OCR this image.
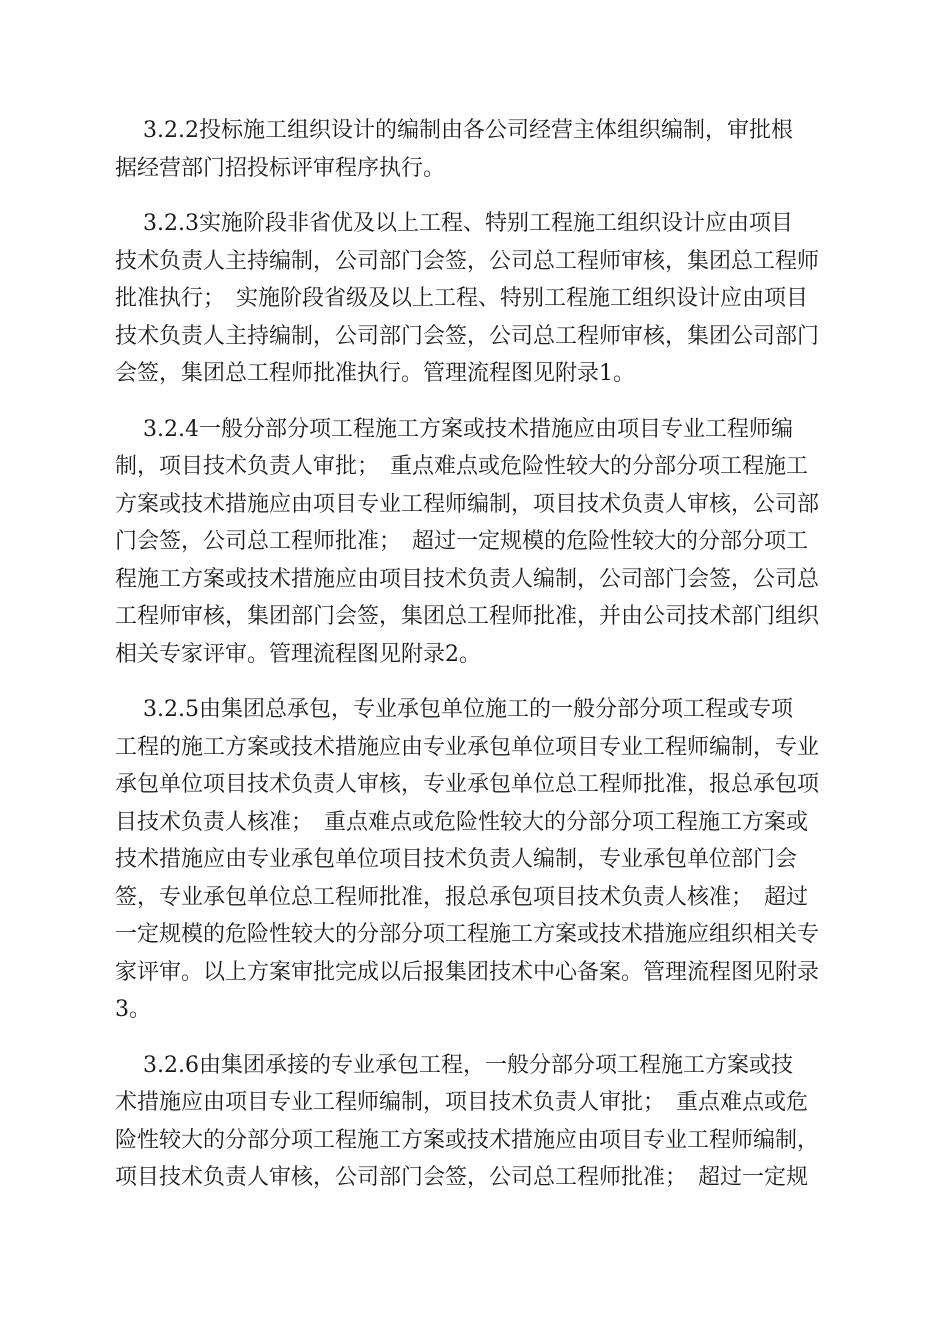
3.2.2投标施工组织设计的编制由各公司经营主体组织编制，审批根
据经营部门招投标评审程序执行。

3.2.3实施阶段非省优及以上工程、特别工程施工组织设计应由项目
技术负责人主持编制，公司部门会签，公司总工程师审核，集团总工程师
批准执行；　实施阶段省级及以上工程、特别工程施工组织设计应由项目
技术负责人主持编制，公司部门会签，公司总工程师审核，集团公司部门
会签，集团总工程师批准执行。管理流程图见附录1。

3.2.4一般分部分项工程施工方案或技术措施应由项目专业工程师编
制，项目技术负责人审批；　重点难点或危险性较大的分部分项工程施工
方案或技术措施应由项目专业工程师编制，项目技术负责人审核，公司部
门会签，公司总工程师批准；　超过一定规模的危险性较大的分部分项工
程施工方案或技术措施应由项目技术负责人编制，公司部门会签，公司总
工程师审核，集团部门会签，集团总工程师批准，并由公司技术部门组织
相关专家评审。管理流程图见附录2。

3.2.5由集团总承包，专业承包单位施工的一般分部分项工程或专项
工程的施工方案或技术措施应由专业承包单位项目专业工程师编制，专业
承包单位项目技术负责人审核，专业承包单位总工程师批准，报总承包项
目技术负责人核准；　重点难点或危险性较大的分部分项工程施工方案或
技术措施应由专业承包单位项目技术负责人编制，专业承包单位部门会
签，专业承包单位总工程师批准，报总承包项目技术负责人核准；　超过
一定规模的危险性较大的分部分项工程施工方案或技术措施应组织相关专
家评审。以上方案审批完成以后报集团技术中心备案。管理流程图见附录
3。

3.2.6由集团承接的专业承包工程，一般分部分项工程施工方案或技
术措施应由项目专业工程师编制，项目技术负责人审批；　重点难点或危
险性较大的分部分项工程施工方案或技术措施应由项目专业工程师编制，
项目技术负责人审核，公司部门会签，公司总工程师批准；　超过一定规
